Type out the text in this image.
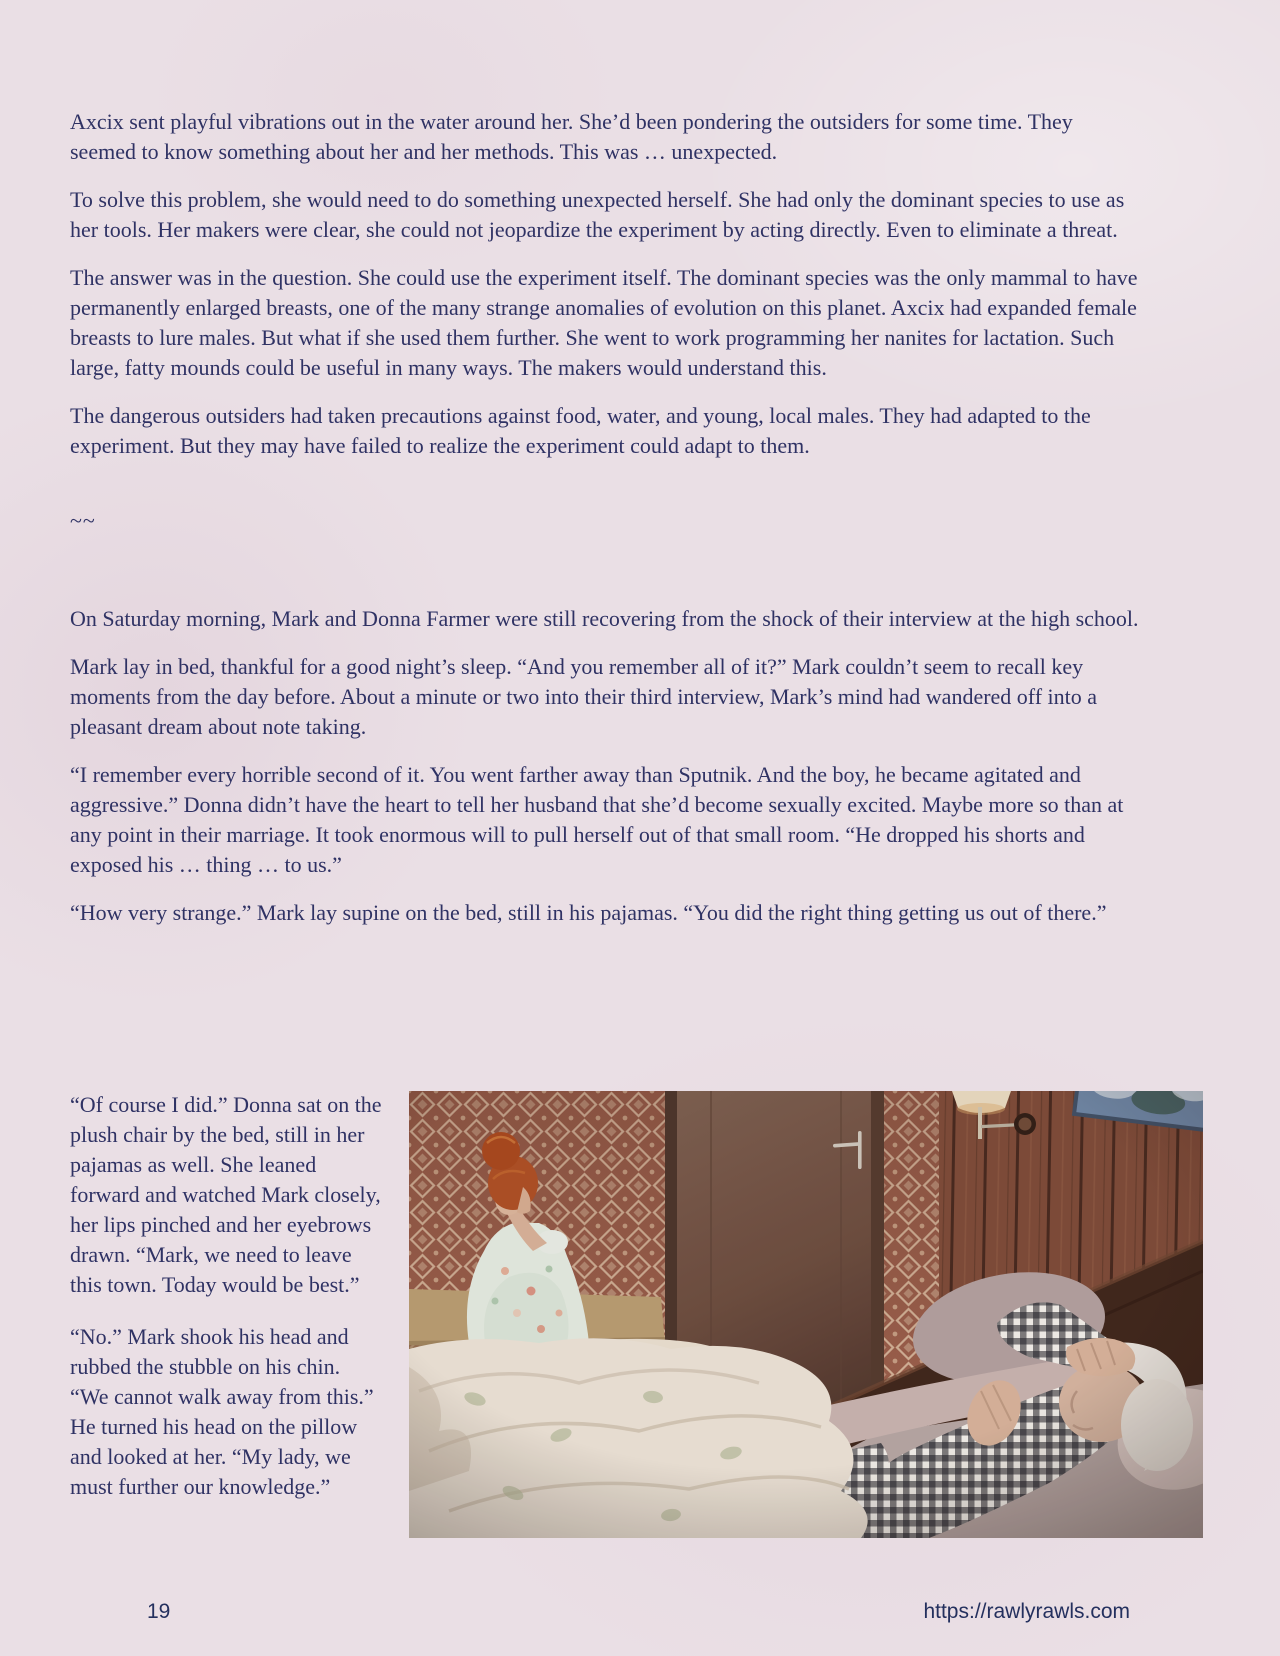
Axcix sent playful vibrations out in the water around her. She’d been pondering the outsiders for some time. They seemed to know something about her and her methods. This was … unexpected.

To solve this problem, she would need to do something unexpected herself. She had only the dominant species to use as her tools. Her makers were clear, she could not jeopardize the experiment by acting directly. Even to eliminate a threat.

The answer was in the question. She could use the experiment itself. The dominant species was the only mammal to have permanently enlarged breasts, one of the many strange anomalies of evolution on this planet. Axcix had expanded female breasts to lure males. But what if she used them further. She went to work programming her nanites for lactation. Such large, fatty mounds could be useful in many ways. The makers would understand this.

The dangerous outsiders had taken precautions against food, water, and young, local males. They had adapted to the experiment. But they may have failed to realize the experiment could adapt to them.

~~

On Saturday morning, Mark and Donna Farmer were still recovering from the shock of their interview at the high school.

Mark lay in bed, thankful for a good night’s sleep. “And you remember all of it?” Mark couldn’t seem to recall key moments from the day before. About a minute or two into their third interview, Mark’s mind had wandered off into a pleasant dream about note taking.

“I remember every horrible second of it. You went farther away than Sputnik. And the boy, he became agitated and aggressive.” Donna didn’t have the heart to tell her husband that she’d become sexually excited. Maybe more so than at any point in their marriage. It took enormous will to pull herself out of that small room. “He dropped his shorts and exposed his … thing … to us.”

“How very strange.” Mark lay supine on the bed, still in his pajamas. “You did the right thing getting us out of there.”

“Of course I did.” Donna sat on the plush chair by the bed, still in her pajamas as well. She leaned forward and watched Mark closely, her lips pinched and her eyebrows drawn. “Mark, we need to leave this town. Today would be best.”

“No.” Mark shook his head and rubbed the stubble on his chin. “We cannot walk away from this.” He turned his head on the pillow and looked at her. “My lady, we must further our knowledge.”

19	https://rawlyrawls.com
